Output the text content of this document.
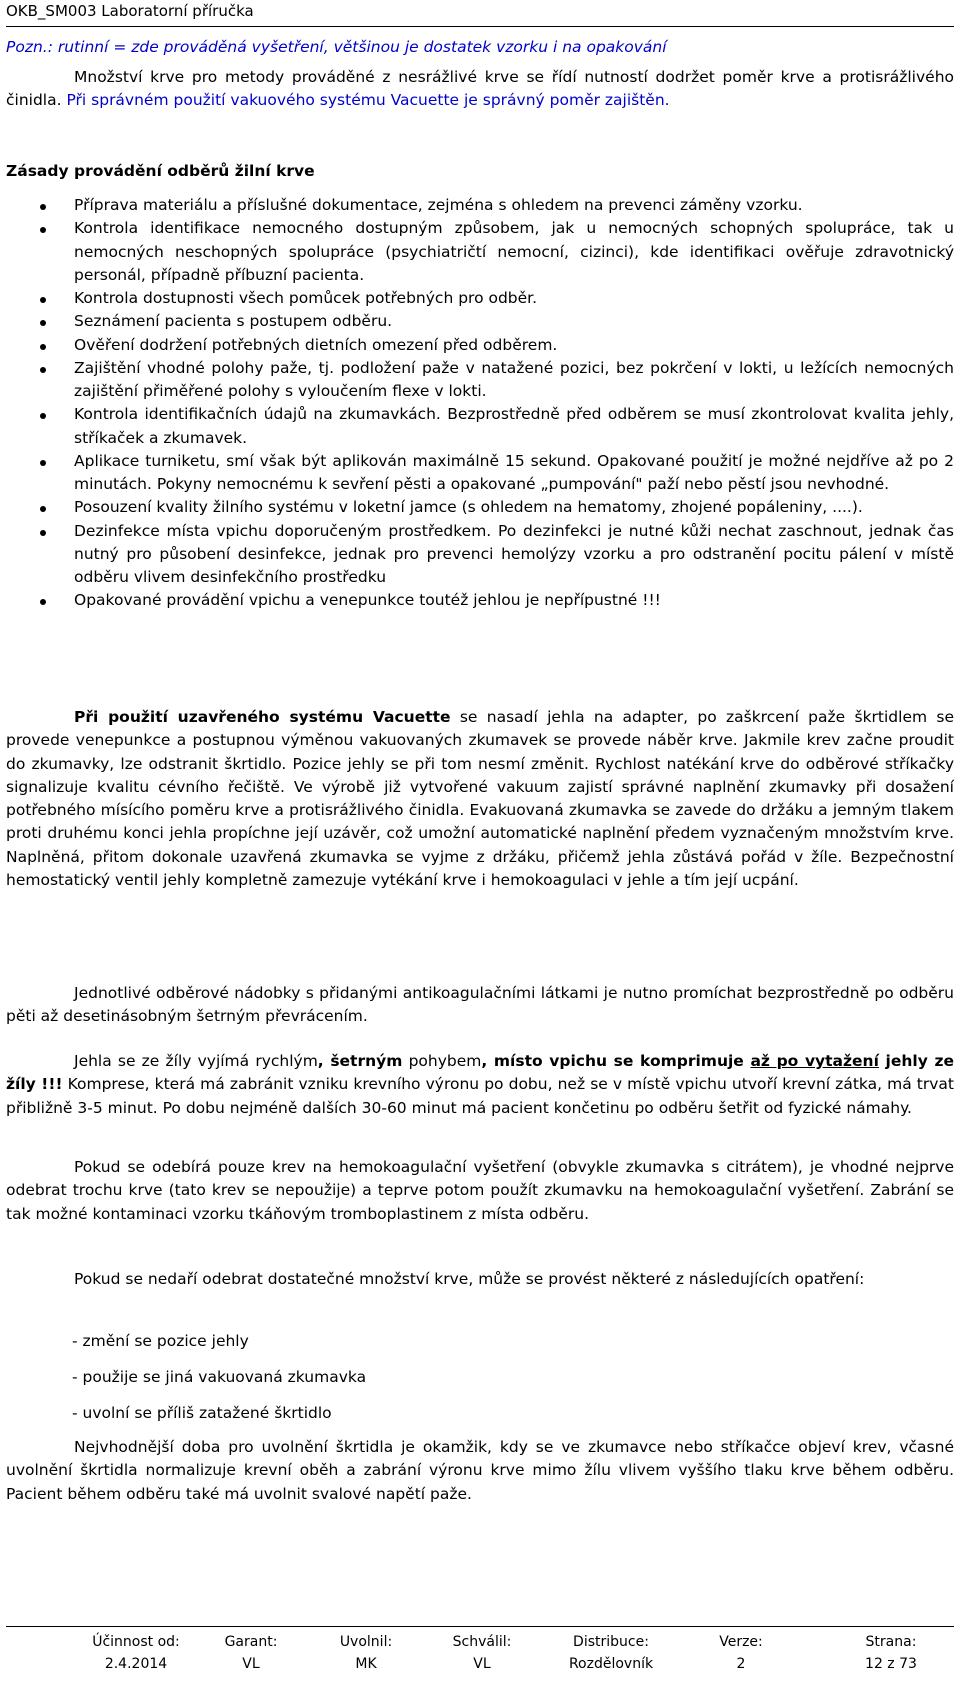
OKB_SM003 Laboratorní příručka
Pozn.: rutinní = zde prováděná vyšetření, většinou je dostatek vzorku i na opakování
Množství krve pro metody prováděné z nesrážlivé krve se řídí nutností dodržet poměr krve a protisrážlivého činidla. Při správném použití vakuového systému Vacuette je správný poměr zajištěn.
Zásady provádění odběrů žilní krve
Příprava materiálu a příslušné dokumentace, zejména s ohledem na prevenci záměny vzorku.
Kontrola identifikace nemocného dostupným způsobem, jak u nemocných schopných spolupráce, tak u nemocných neschopných spolupráce (psychiatričtí nemocní, cizinci), kde identifikaci ověřuje zdravotnický personál, případně příbuzní pacienta.
Kontrola dostupnosti všech pomůcek potřebných pro odběr.
Seznámení pacienta s postupem odběru.
Ověření dodržení potřebných dietních omezení před odběrem.
Zajištění vhodné polohy paže, tj. podložení paže v natažené pozici, bez pokrčení v lokti, u ležících nemocných zajištění přiměřené polohy s vyloučením flexe v lokti.
Kontrola identifikačních údajů na zkumavkách. Bezprostředně před odběrem se musí zkontrolovat kvalita jehly, stříkaček a zkumavek.
Aplikace turniketu, smí však být aplikován maximálně 15 sekund. Opakované použití je možné nejdříve až po 2 minutách. Pokyny nemocnému k sevření pěsti a opakované „pumpování" paží nebo pěstí jsou nevhodné.
Posouzení kvality žilního systému v loketní jamce (s ohledem na hematomy, zhojené popáleniny, ....).
Dezinfekce místa vpichu doporučeným prostředkem. Po dezinfekci je nutné kůži nechat zaschnout, jednak čas nutný pro působení desinfekce, jednak pro prevenci hemolýzy vzorku a pro odstranění pocitu pálení v místě odběru vlivem desinfekčního prostředku
Opakované provádění vpichu a venepunkce toutéž jehlou je nepřípustné !!!
Při použití uzavřeného systému Vacuette se nasadí jehla na adapter, po zaškrcení paže škrtidlem se provede venepunkce a postupnou výměnou vakuovaných zkumavek se provede náběr krve. Jakmile krev začne proudit do zkumavky, lze odstranit škrtidlo. Pozice jehly se při tom nesmí změnit. Rychlost natékání krve do odběrové stříkačky signalizuje kvalitu cévního řečiště. Ve výrobě již vytvořené vakuum zajistí správné naplnění zkumavky při dosažení potřebného mísícího poměru krve a protisrážlivého činidla. Evakuovaná zkumavka se zavede do držáku a jemným tlakem proti druhému konci jehla propíchne její uzávěr, což umožní automatické naplnění předem vyznačeným množstvím krve. Naplněná, přitom dokonale uzavřená zkumavka se vyjme z držáku, přičemž jehla zůstává pořád v žíle. Bezpečnostní hemostatický ventil jehly kompletně zamezuje vytékání krve i hemokoagulaci v jehle a tím její ucpání.
Jednotlivé odběrové nádobky s přidanými antikoagulačními látkami je nutno promíchat bezprostředně po odběru pěti až desetinásobným šetrným převrácením.
Jehla se ze žíly vyjímá rychlým, šetrným pohybem, místo vpichu se komprimuje až po vytažení jehly ze žíly !!! Komprese, která má zabránit vzniku krevního výronu po dobu, než se v místě vpichu utvoří krevní zátka, má trvat přibližně 3-5 minut. Po dobu nejméně dalších 30-60 minut má pacient končetinu po odběru šetřit od fyzické námahy.
Pokud se odebírá pouze krev na hemokoagulační vyšetření (obvykle zkumavka s citrátem), je vhodné nejprve odebrat trochu krve (tato krev se nepoužije) a teprve potom použít zkumavku na hemokoagulační vyšetření. Zabrání se tak možné kontaminaci vzorku tkáňovým tromboplastinem z místa odběru.
Pokud se nedaří odebrat dostatečné množství krve, může se provést některé z následujících opatření:
- změní se pozice jehly
- použije se jiná vakuovaná zkumavka
- uvolní se příliš zatažené škrtidlo
Nejvhodnější doba pro uvolnění škrtidla je okamžik, kdy se ve zkumavce nebo stříkačce objeví krev, včasné uvolnění škrtidla normalizuje krevní oběh a zabrání výronu krve mimo žílu vlivem vyššího tlaku krve během odběru. Pacient během odběru také má uvolnit svalové napětí paže.
Účinnost od:
2.4.2014
Garant:
VL
Uvolnil:
MK
Schválil:
VL
Distribuce:
Rozdělovník
Verze:
2
Strana:
12 z 73
